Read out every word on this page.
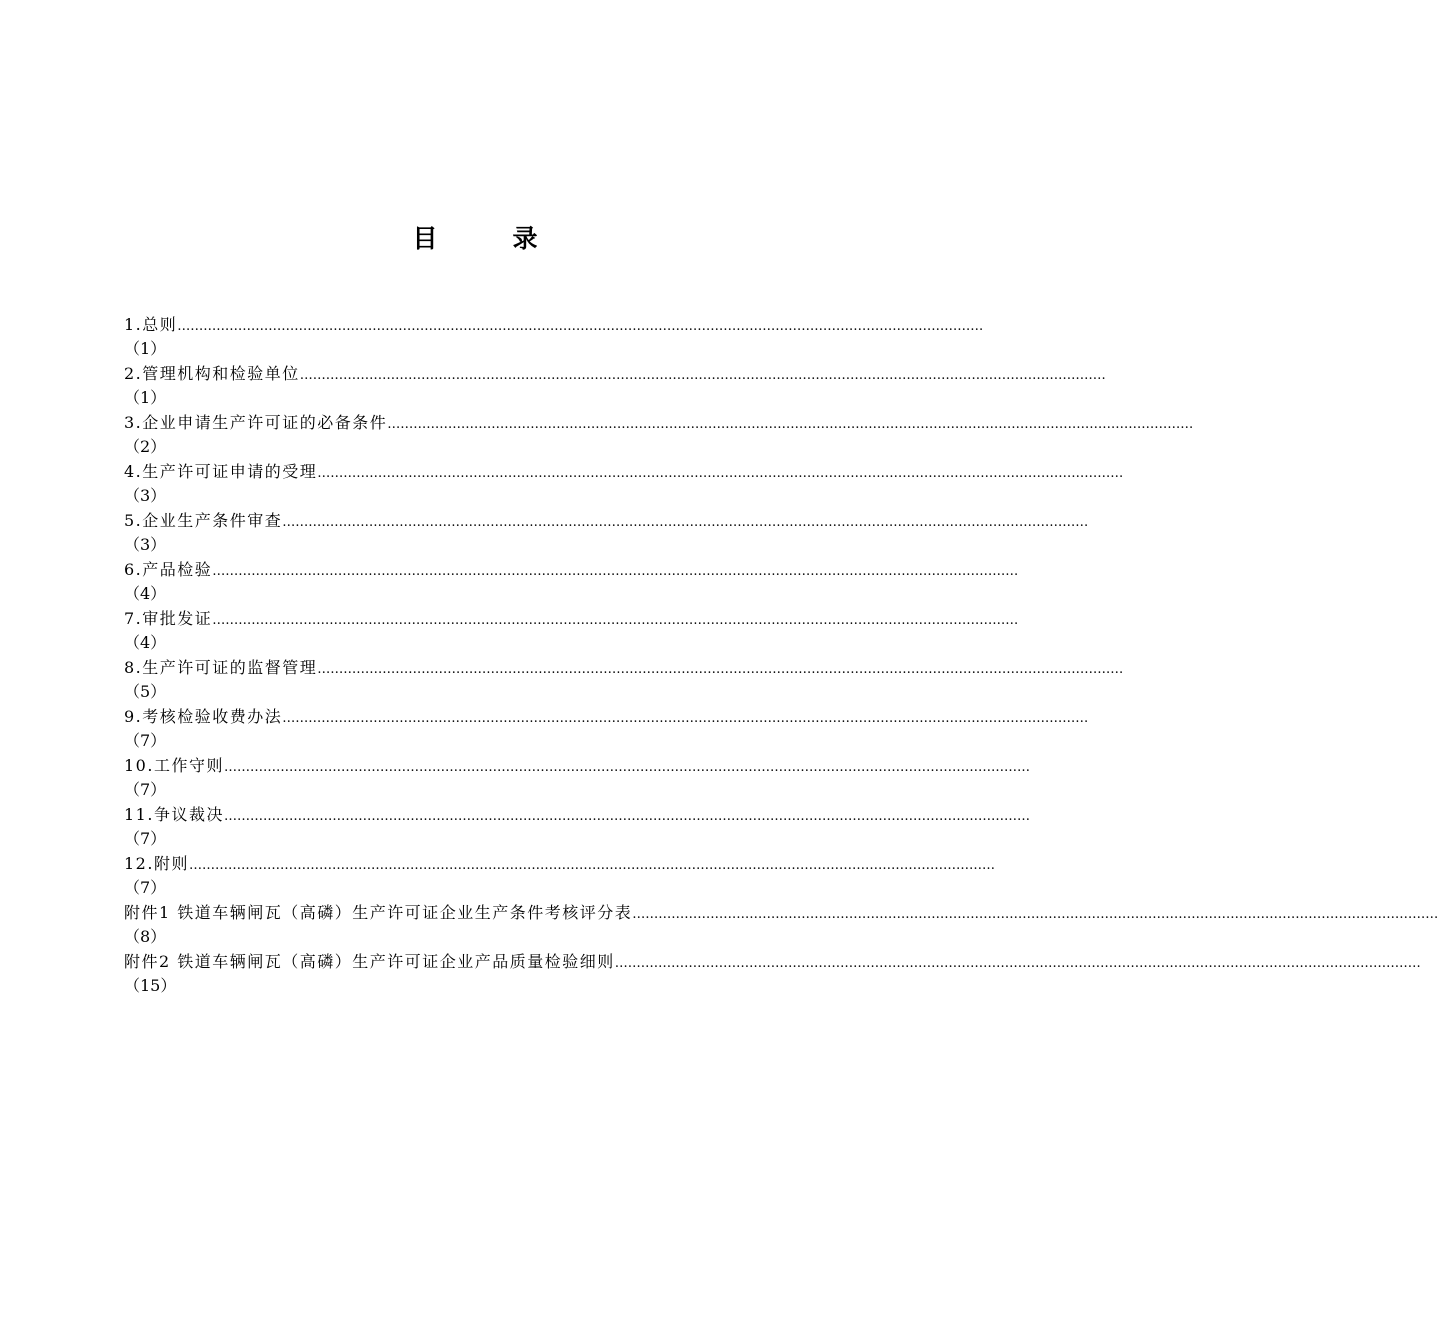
目	录
1.总则 ……………………………………………………………………………………………………………………………………………………………………
（1）
2.管理机构和检验单位 ……………………………………………………………………………………………………………………………………………………………………
（1）
3.企业申请生产许可证的必备条件 ……………………………………………………………………………………………………………………………………………………………………
（2）
4.生产许可证申请的受理 ……………………………………………………………………………………………………………………………………………………………………
（3）
5.企业生产条件审查 ……………………………………………………………………………………………………………………………………………………………………
（3）
6.产品检验 ……………………………………………………………………………………………………………………………………………………………………
（4）
7.审批发证 ……………………………………………………………………………………………………………………………………………………………………
（4）
8.生产许可证的监督管理 ……………………………………………………………………………………………………………………………………………………………………
（5）
9.考核检验收费办法 ……………………………………………………………………………………………………………………………………………………………………
（7）
10.工作守则 ……………………………………………………………………………………………………………………………………………………………………
（7）
11.争议裁决 ……………………………………………………………………………………………………………………………………………………………………
（7）
12.附则 ……………………………………………………………………………………………………………………………………………………………………
（7）
附件1 铁道车辆闸瓦（高磷）生产许可证企业生产条件考核评分表 ……………………………………………………………………………………………………………………………………………………………………
（8）
附件2 铁道车辆闸瓦（高磷）生产许可证企业产品质量检验细则 ……………………………………………………………………………………………………………………………………………………………………
（15）
